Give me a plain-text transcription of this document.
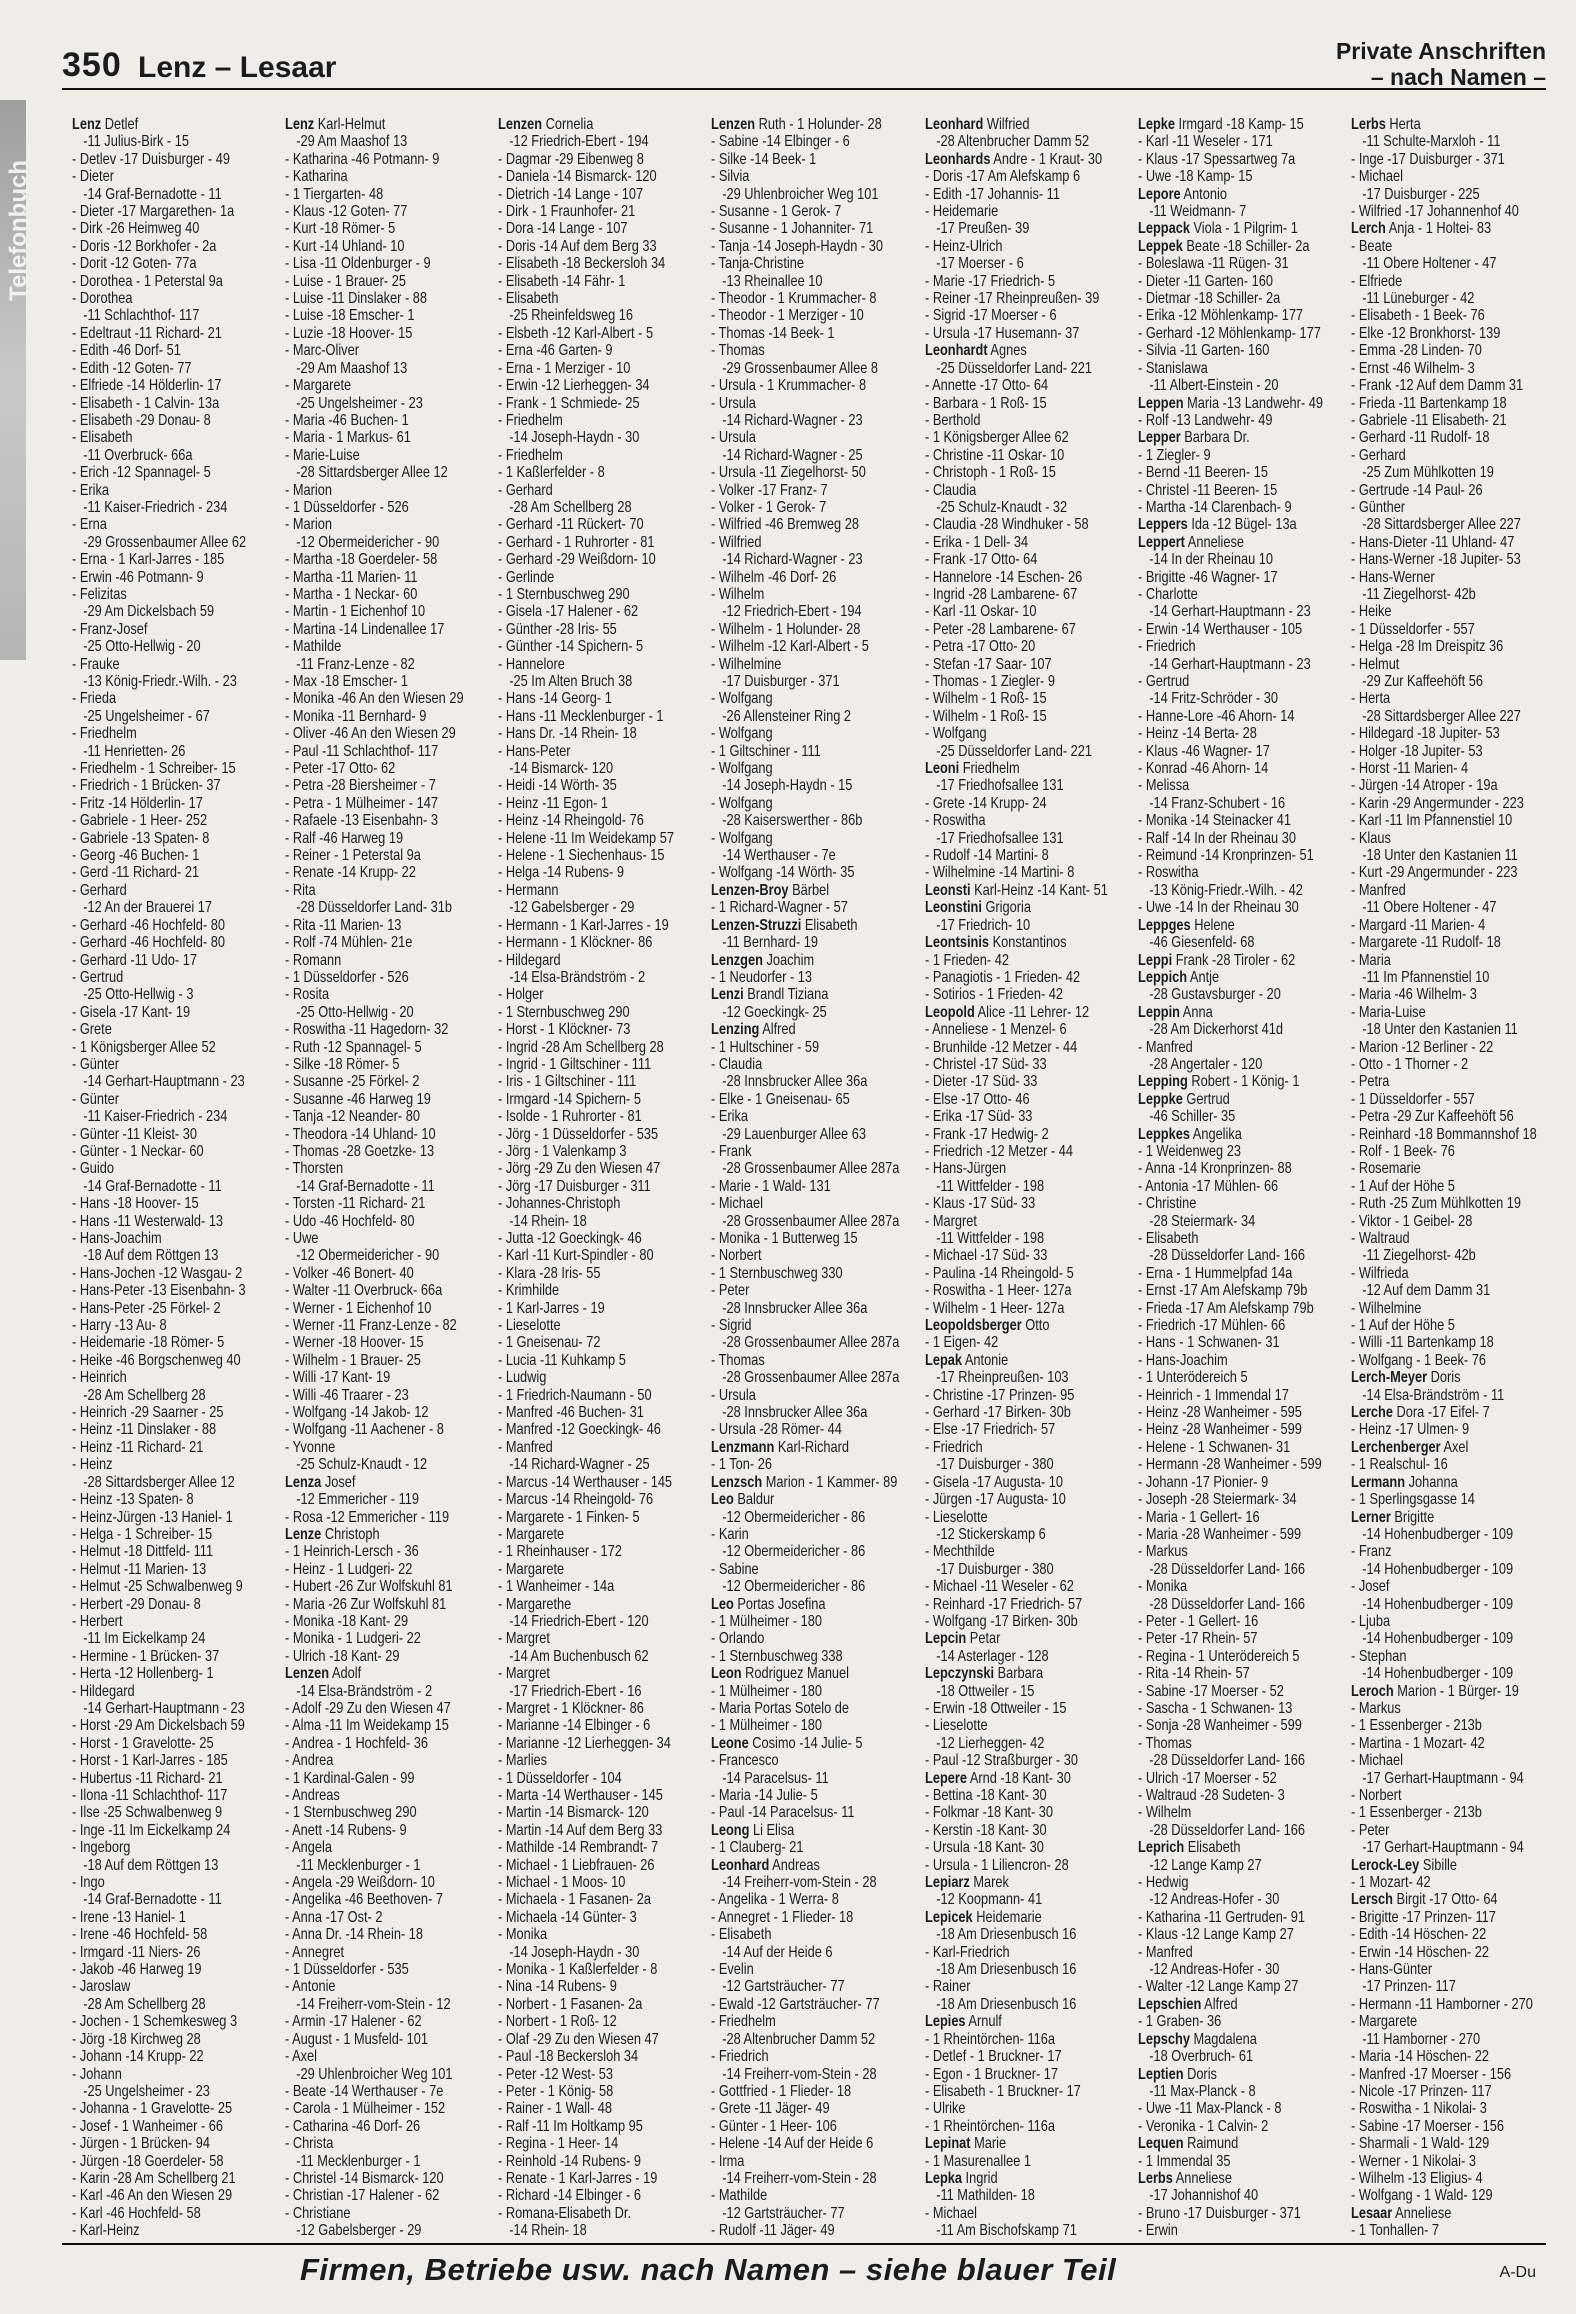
Telefonbuch
350 Lenz – Lesaar	Private Anschriften
– nach Namen –
Lenz Detlef
-11 Julius-Birk - 15
- Detlev -17 Duisburger - 49
- Dieter
-14 Graf-Bernadotte - 11
- Dieter -17 Margarethen- 1a
- Dirk -26 Heimweg 40
- Doris -12 Borkhofer - 2a
- Dorit -12 Goten- 77a
- Dorothea - 1 Peterstal 9a
- Dorothea
-11 Schlachthof- 117
- Edeltraut -11 Richard- 21
- Edith -46 Dorf- 51
- Edith -12 Goten- 77
- Elfriede -14 Hölderlin- 17
- Elisabeth - 1 Calvin- 13a
- Elisabeth -29 Donau- 8
- Elisabeth
-11 Overbruck- 66a
- Erich -12 Spannagel- 5
- Erika
-11 Kaiser-Friedrich - 234
- Erna
-29 Grossenbaumer Allee 62
- Erna - 1 Karl-Jarres - 185
- Erwin -46 Potmann- 9
- Felizitas
-29 Am Dickelsbach 59
- Franz-Josef
-25 Otto-Hellwig - 20
- Frauke
-13 König-Friedr.-Wilh. - 23
- Frieda
-25 Ungelsheimer - 67
- Friedhelm
-11 Henrietten- 26
- Friedhelm - 1 Schreiber- 15
- Friedrich - 1 Brücken- 37
- Fritz -14 Hölderlin- 17
- Gabriele - 1 Heer- 252
- Gabriele -13 Spaten- 8
- Georg -46 Buchen- 1
- Gerd -11 Richard- 21
- Gerhard
-12 An der Brauerei 17
- Gerhard -46 Hochfeld- 80
- Gerhard -46 Hochfeld- 80
- Gerhard -11 Udo- 17
- Gertrud
-25 Otto-Hellwig - 3
- Gisela -17 Kant- 19
- Grete
- 1 Königsberger Allee 52
- Günter
-14 Gerhart-Hauptmann - 23
- Günter
-11 Kaiser-Friedrich - 234
- Günter -11 Kleist- 30
- Günter - 1 Neckar- 60
- Guido
-14 Graf-Bernadotte - 11
- Hans -18 Hoover- 15
- Hans -11 Westerwald- 13
- Hans-Joachim
-18 Auf dem Röttgen 13
- Hans-Jochen -12 Wasgau- 2
- Hans-Peter -13 Eisenbahn- 3
- Hans-Peter -25 Förkel- 2
- Harry -13 Au- 8
- Heidemarie -18 Römer- 5
- Heike -46 Borgschenweg 40
- Heinrich
-28 Am Schellberg 28
- Heinrich -29 Saarner - 25
- Heinz -11 Dinslaker - 88
- Heinz -11 Richard- 21
- Heinz
-28 Sittardsberger Allee 12
- Heinz -13 Spaten- 8
- Heinz-Jürgen -13 Haniel- 1
- Helga - 1 Schreiber- 15
- Helmut -18 Dittfeld- 111
- Helmut -11 Marien- 13
- Helmut -25 Schwalbenweg 9
- Herbert -29 Donau- 8
- Herbert
-11 Im Eickelkamp 24
- Hermine - 1 Brücken- 37
- Herta -12 Hollenberg- 1
- Hildegard
-14 Gerhart-Hauptmann - 23
- Horst -29 Am Dickelsbach 59
- Horst - 1 Gravelotte- 25
- Horst - 1 Karl-Jarres - 185
- Hubertus -11 Richard- 21
- Ilona -11 Schlachthof- 117
- Ilse -25 Schwalbenweg 9
- Inge -11 Im Eickelkamp 24
- Ingeborg
-18 Auf dem Röttgen 13
- Ingo
-14 Graf-Bernadotte - 11
- Irene -13 Haniel- 1
- Irene -46 Hochfeld- 58
- Irmgard -11 Niers- 26
- Jakob -46 Harweg 19
- Jaroslaw
-28 Am Schellberg 28
- Jochen - 1 Schemkesweg 3
- Jörg -18 Kirchweg 28
- Johann -14 Krupp- 22
- Johann
-25 Ungelsheimer - 23
- Johanna - 1 Gravelotte- 25
- Josef - 1 Wanheimer - 66
- Jürgen - 1 Brücken- 94
- Jürgen -18 Goerdeler- 58
- Karin -28 Am Schellberg 21
- Karl -46 An den Wiesen 29
- Karl -46 Hochfeld- 58
- Karl-Heinz
Lenz Karl-Helmut
-29 Am Maashof 13
- Katharina -46 Potmann- 9
- Katharina
- 1 Tiergarten- 48
- Klaus -12 Goten- 77
- Kurt -18 Römer- 5
- Kurt -14 Uhland- 10
- Lisa -11 Oldenburger - 9
- Luise - 1 Brauer- 25
- Luise -11 Dinslaker - 88
- Luise -18 Emscher- 1
- Luzie -18 Hoover- 15
- Marc-Oliver
-29 Am Maashof 13
- Margarete
-25 Ungelsheimer - 23
- Maria -46 Buchen- 1
- Maria - 1 Markus- 61
- Marie-Luise
-28 Sittardsberger Allee 12
- Marion
- 1 Düsseldorfer - 526
- Marion
-12 Obermeidericher - 90
- Martha -18 Goerdeler- 58
- Martha -11 Marien- 11
- Martha - 1 Neckar- 60
- Martin - 1 Eichenhof 10
- Martina -14 Lindenallee 17
- Mathilde
-11 Franz-Lenze - 82
- Max -18 Emscher- 1
- Monika -46 An den Wiesen 29
- Monika -11 Bernhard- 9
- Oliver -46 An den Wiesen 29
- Paul -11 Schlachthof- 117
- Peter -17 Otto- 62
- Petra -28 Biersheimer - 7
- Petra - 1 Mülheimer - 147
- Rafaele -13 Eisenbahn- 3
- Ralf -46 Harweg 19
- Reiner - 1 Peterstal 9a
- Renate -14 Krupp- 22
- Rita
-28 Düsseldorfer Land- 31b
- Rita -11 Marien- 13
- Rolf -74 Mühlen- 21e
- Romann
- 1 Düsseldorfer - 526
- Rosita
-25 Otto-Hellwig - 20
- Roswitha -11 Hagedorn- 32
- Ruth -12 Spannagel- 5
- Silke -18 Römer- 5
- Susanne -25 Förkel- 2
- Susanne -46 Harweg 19
- Tanja -12 Neander- 80
- Theodora -14 Uhland- 10
- Thomas -28 Goetzke- 13
- Thorsten
-14 Graf-Bernadotte - 11
- Torsten -11 Richard- 21
- Udo -46 Hochfeld- 80
- Uwe
-12 Obermeidericher - 90
- Volker -46 Bonert- 40
- Walter -11 Overbruck- 66a
- Werner - 1 Eichenhof 10
- Werner -11 Franz-Lenze - 82
- Werner -18 Hoover- 15
- Wilhelm - 1 Brauer- 25
- Willi -17 Kant- 19
- Willi -46 Traarer - 23
- Wolfgang -14 Jakob- 12
- Wolfgang -11 Aachener - 8
- Yvonne
-25 Schulz-Knaudt - 12
Lenza Josef
-12 Emmericher - 119
- Rosa -12 Emmericher - 119
Lenze Christoph
- 1 Heinrich-Lersch - 36
- Heinz - 1 Ludgeri- 22
- Hubert -26 Zur Wolfskuhl 81
- Maria -26 Zur Wolfskuhl 81
- Monika -18 Kant- 29
- Monika - 1 Ludgeri- 22
- Ulrich -18 Kant- 29
Lenzen Adolf
-14 Elsa-Brändström - 2
- Adolf -29 Zu den Wiesen 47
- Alma -11 Im Weidekamp 15
- Andrea - 1 Hochfeld- 36
- Andrea
- 1 Kardinal-Galen - 99
- Andreas
- 1 Sternbuschweg 290
- Anett -14 Rubens- 9
- Angela
-11 Mecklenburger - 1
- Angela -29 Weißdorn- 10
- Angelika -46 Beethoven- 7
- Anna -17 Ost- 2
- Anna Dr. -14 Rhein- 18
- Annegret
- 1 Düsseldorfer - 535
- Antonie
-14 Freiherr-vom-Stein - 12
- Armin -17 Halener - 62
- August - 1 Musfeld- 101
- Axel
-29 Uhlenbroicher Weg 101
- Beate -14 Werthauser - 7e
- Carola - 1 Mülheimer - 152
- Catharina -46 Dorf- 26
- Christa
-11 Mecklenburger - 1
- Christel -14 Bismarck- 120
- Christian -17 Halener - 62
- Christiane
-12 Gabelsberger - 29
Lenzen Cornelia
-12 Friedrich-Ebert - 194
- Dagmar -29 Eibenweg 8
- Daniela -14 Bismarck- 120
- Dietrich -14 Lange - 107
- Dirk - 1 Fraunhofer- 21
- Dora -14 Lange - 107
- Doris -14 Auf dem Berg 33
- Elisabeth -18 Beckersloh 34
- Elisabeth -14 Fähr- 1
- Elisabeth
-25 Rheinfeldsweg 16
- Elsbeth -12 Karl-Albert - 5
- Erna -46 Garten- 9
- Erna - 1 Merziger - 10
- Erwin -12 Lierheggen- 34
- Frank - 1 Schmiede- 25
- Friedhelm
-14 Joseph-Haydn - 30
- Friedhelm
- 1 Kaßlerfelder - 8
- Gerhard
-28 Am Schellberg 28
- Gerhard -11 Rückert- 70
- Gerhard - 1 Ruhrorter - 81
- Gerhard -29 Weißdorn- 10
- Gerlinde
- 1 Sternbuschweg 290
- Gisela -17 Halener - 62
- Günther -28 Iris- 55
- Günther -14 Spichern- 5
- Hannelore
-25 Im Alten Bruch 38
- Hans -14 Georg- 1
- Hans -11 Mecklenburger - 1
- Hans Dr. -14 Rhein- 18
- Hans-Peter
-14 Bismarck- 120
- Heidi -14 Wörth- 35
- Heinz -11 Egon- 1
- Heinz -14 Rheingold- 76
- Helene -11 Im Weidekamp 57
- Helene - 1 Siechenhaus- 15
- Helga -14 Rubens- 9
- Hermann
-12 Gabelsberger - 29
- Hermann - 1 Karl-Jarres - 19
- Hermann - 1 Klöckner- 86
- Hildegard
-14 Elsa-Brändström - 2
- Holger
- 1 Sternbuschweg 290
- Horst - 1 Klöckner- 73
- Ingrid -28 Am Schellberg 28
- Ingrid - 1 Giltschiner - 111
- Iris - 1 Giltschiner - 111
- Irmgard -14 Spichern- 5
- Isolde - 1 Ruhrorter - 81
- Jörg - 1 Düsseldorfer - 535
- Jörg - 1 Valenkamp 3
- Jörg -29 Zu den Wiesen 47
- Jörg -17 Duisburger - 311
- Johannes-Christoph
-14 Rhein- 18
- Jutta -12 Goeckingk- 46
- Karl -11 Kurt-Spindler - 80
- Klara -28 Iris- 55
- Krimhilde
- 1 Karl-Jarres - 19
- Lieselotte
- 1 Gneisenau- 72
- Lucia -11 Kuhkamp 5
- Ludwig
- 1 Friedrich-Naumann - 50
- Manfred -46 Buchen- 31
- Manfred -12 Goeckingk- 46
- Manfred
-14 Richard-Wagner - 25
- Marcus -14 Werthauser - 145
- Marcus -14 Rheingold- 76
- Margarete - 1 Finken- 5
- Margarete
- 1 Rheinhauser - 172
- Margarete
- 1 Wanheimer - 14a
- Margarethe
-14 Friedrich-Ebert - 120
- Margret
-14 Am Buchenbusch 62
- Margret
-17 Friedrich-Ebert - 16
- Margret - 1 Klöckner- 86
- Marianne -14 Elbinger - 6
- Marianne -12 Lierheggen- 34
- Marlies
- 1 Düsseldorfer - 104
- Marta -14 Werthauser - 145
- Martin -14 Bismarck- 120
- Martin -14 Auf dem Berg 33
- Mathilde -14 Rembrandt- 7
- Michael - 1 Liebfrauen- 26
- Michael - 1 Moos- 10
- Michaela - 1 Fasanen- 2a
- Michaela -14 Günter- 3
- Monika
-14 Joseph-Haydn - 30
- Monika - 1 Kaßlerfelder - 8
- Nina -14 Rubens- 9
- Norbert - 1 Fasanen- 2a
- Norbert - 1 Roß- 12
- Olaf -29 Zu den Wiesen 47
- Paul -18 Beckersloh 34
- Peter -12 West- 53
- Peter - 1 König- 58
- Rainer - 1 Wall- 48
- Ralf -11 Im Holtkamp 95
- Regina - 1 Heer- 14
- Reinhold -14 Rubens- 9
- Renate - 1 Karl-Jarres - 19
- Richard -14 Elbinger - 6
- Romana-Elisabeth Dr.
-14 Rhein- 18
Lenzen Ruth - 1 Holunder- 28
- Sabine -14 Elbinger - 6
- Silke -14 Beek- 1
- Silvia
-29 Uhlenbroicher Weg 101
- Susanne - 1 Gerok- 7
- Susanne - 1 Johanniter- 71
- Tanja -14 Joseph-Haydn - 30
- Tanja-Christine
-13 Rheinallee 10
- Theodor - 1 Krummacher- 8
- Theodor - 1 Merziger - 10
- Thomas -14 Beek- 1
- Thomas
-29 Grossenbaumer Allee 8
- Ursula - 1 Krummacher- 8
- Ursula
-14 Richard-Wagner - 23
- Ursula
-14 Richard-Wagner - 25
- Ursula -11 Ziegelhorst- 50
- Volker -17 Franz- 7
- Volker - 1 Gerok- 7
- Wilfried -46 Bremweg 28
- Wilfried
-14 Richard-Wagner - 23
- Wilhelm -46 Dorf- 26
- Wilhelm
-12 Friedrich-Ebert - 194
- Wilhelm - 1 Holunder- 28
- Wilhelm -12 Karl-Albert - 5
- Wilhelmine
-17 Duisburger - 371
- Wolfgang
-26 Allensteiner Ring 2
- Wolfgang
- 1 Giltschiner - 111
- Wolfgang
-14 Joseph-Haydn - 15
- Wolfgang
-28 Kaiserswerther - 86b
- Wolfgang
-14 Werthauser - 7e
- Wolfgang -14 Wörth- 35
Lenzen-Broy Bärbel
- 1 Richard-Wagner - 57
Lenzen-Struzzi Elisabeth
-11 Bernhard- 19
Lenzgen Joachim
- 1 Neudorfer - 13
Lenzi Brandl Tiziana
-12 Goeckingk- 25
Lenzing Alfred
- 1 Hultschiner - 59
- Claudia
-28 Innsbrucker Allee 36a
- Elke - 1 Gneisenau- 65
- Erika
-29 Lauenburger Allee 63
- Frank
-28 Grossenbaumer Allee 287a
- Marie - 1 Wald- 131
- Michael
-28 Grossenbaumer Allee 287a
- Monika - 1 Butterweg 15
- Norbert
- 1 Sternbuschweg 330
- Peter
-28 Innsbrucker Allee 36a
- Sigrid
-28 Grossenbaumer Allee 287a
- Thomas
-28 Grossenbaumer Allee 287a
- Ursula
-28 Innsbrucker Allee 36a
- Ursula -28 Römer- 44
Lenzmann Karl-Richard
- 1 Ton- 26
Lenzsch Marion - 1 Kammer- 89
Leo Baldur
-12 Obermeidericher - 86
- Karin
-12 Obermeidericher - 86
- Sabine
-12 Obermeidericher - 86
Leo Portas Josefina
- 1 Mülheimer - 180
- Orlando
- 1 Sternbuschweg 338
Leon Rodriguez Manuel
- 1 Mülheimer - 180
- Maria Portas Sotelo de
- 1 Mülheimer - 180
Leone Cosimo -14 Julie- 5
- Francesco
-14 Paracelsus- 11
- Maria -14 Julie- 5
- Paul -14 Paracelsus- 11
Leong Li Elisa
- 1 Clauberg- 21
Leonhard Andreas
-14 Freiherr-vom-Stein - 28
- Angelika - 1 Werra- 8
- Annegret - 1 Flieder- 18
- Elisabeth
-14 Auf der Heide 6
- Evelin
-12 Gartsträucher- 77
- Ewald -12 Gartsträucher- 77
- Friedhelm
-28 Altenbrucher Damm 52
- Friedrich
-14 Freiherr-vom-Stein - 28
- Gottfried - 1 Flieder- 18
- Grete -11 Jäger- 49
- Günter - 1 Heer- 106
- Helene -14 Auf der Heide 6
- Irma
-14 Freiherr-vom-Stein - 28
- Mathilde
-12 Gartsträucher- 77
- Rudolf -11 Jäger- 49
Leonhard Wilfried
-28 Altenbrucher Damm 52
Leonhards Andre - 1 Kraut- 30
- Doris -17 Am Alefskamp 6
- Edith -17 Johannis- 11
- Heidemarie
-17 Preußen- 39
- Heinz-Ulrich
-17 Moerser - 6
- Marie -17 Friedrich- 5
- Reiner -17 Rheinpreußen- 39
- Sigrid -17 Moerser - 6
- Ursula -17 Husemann- 37
Leonhardt Agnes
-25 Düsseldorfer Land- 221
- Annette -17 Otto- 64
- Barbara - 1 Roß- 15
- Berthold
- 1 Königsberger Allee 62
- Christine -11 Oskar- 10
- Christoph - 1 Roß- 15
- Claudia
-25 Schulz-Knaudt - 32
- Claudia -28 Windhuker - 58
- Erika - 1 Dell- 34
- Frank -17 Otto- 64
- Hannelore -14 Eschen- 26
- Ingrid -28 Lambarene- 67
- Karl -11 Oskar- 10
- Peter -28 Lambarene- 67
- Petra -17 Otto- 20
- Stefan -17 Saar- 107
- Thomas - 1 Ziegler- 9
- Wilhelm - 1 Roß- 15
- Wilhelm - 1 Roß- 15
- Wolfgang
-25 Düsseldorfer Land- 221
Leoni Friedhelm
-17 Friedhofsallee 131
- Grete -14 Krupp- 24
- Roswitha
-17 Friedhofsallee 131
- Rudolf -14 Martini- 8
- Wilhelmine -14 Martini- 8
Leonsti Karl-Heinz -14 Kant- 51
Leonstini Grigoria
-17 Friedrich- 10
Leontsinis Konstantinos
- 1 Frieden- 42
- Panagiotis - 1 Frieden- 42
- Sotirios - 1 Frieden- 42
Leopold Alice -11 Lehrer- 12
- Anneliese - 1 Menzel- 6
- Brunhilde -12 Metzer - 44
- Christel -17 Süd- 33
- Dieter -17 Süd- 33
- Else -17 Otto- 46
- Erika -17 Süd- 33
- Frank -17 Hedwig- 2
- Friedrich -12 Metzer - 44
- Hans-Jürgen
-11 Wittfelder - 198
- Klaus -17 Süd- 33
- Margret
-11 Wittfelder - 198
- Michael -17 Süd- 33
- Paulina -14 Rheingold- 5
- Roswitha - 1 Heer- 127a
- Wilhelm - 1 Heer- 127a
Leopoldsberger Otto
- 1 Eigen- 42
Lepak Antonie
-17 Rheinpreußen- 103
- Christine -17 Prinzen- 95
- Gerhard -17 Birken- 30b
- Else -17 Friedrich- 57
- Friedrich
-17 Duisburger - 380
- Gisela -17 Augusta- 10
- Jürgen -17 Augusta- 10
- Lieselotte
-12 Stickerskamp 6
- Mechthilde
-17 Duisburger - 380
- Michael -11 Weseler - 62
- Reinhard -17 Friedrich- 57
- Wolfgang -17 Birken- 30b
Lepcin Petar
-14 Asterlager - 128
Lepczynski Barbara
-18 Ottweiler - 15
- Erwin -18 Ottweiler - 15
- Lieselotte
-12 Lierheggen- 42
- Paul -12 Straßburger - 30
Lepere Arnd -18 Kant- 30
- Bettina -18 Kant- 30
- Folkmar -18 Kant- 30
- Kerstin -18 Kant- 30
- Ursula -18 Kant- 30
- Ursula - 1 Liliencron- 28
Lepiarz Marek
-12 Koopmann- 41
Lepicek Heidemarie
-18 Am Driesenbusch 16
- Karl-Friedrich
-18 Am Driesenbusch 16
- Rainer
-18 Am Driesenbusch 16
Lepies Arnulf
- 1 Rheintörchen- 116a
- Detlef - 1 Bruckner- 17
- Egon - 1 Bruckner- 17
- Elisabeth - 1 Bruckner- 17
- Ulrike
- 1 Rheintörchen- 116a
Lepinat Marie
- 1 Masurenallee 1
Lepka Ingrid
-11 Mathilden- 18
- Michael
-11 Am Bischofskamp 71
Lepke Irmgard -18 Kamp- 15
- Karl -11 Weseler - 171
- Klaus -17 Spessartweg 7a
- Uwe -18 Kamp- 15
Lepore Antonio
-11 Weidmann- 7
Leppack Viola - 1 Pilgrim- 1
Leppek Beate -18 Schiller- 2a
- Boleslawa -11 Rügen- 31
- Dieter -11 Garten- 160
- Dietmar -18 Schiller- 2a
- Erika -12 Möhlenkamp- 177
- Gerhard -12 Möhlenkamp- 177
- Silvia -11 Garten- 160
- Stanislawa
-11 Albert-Einstein - 20
Leppen Maria -13 Landwehr- 49
- Rolf -13 Landwehr- 49
Lepper Barbara Dr.
- 1 Ziegler- 9
- Bernd -11 Beeren- 15
- Christel -11 Beeren- 15
- Martha -14 Clarenbach- 9
Leppers Ida -12 Bügel- 13a
Leppert Anneliese
-14 In der Rheinau 10
- Brigitte -46 Wagner- 17
- Charlotte
-14 Gerhart-Hauptmann - 23
- Erwin -14 Werthauser - 105
- Friedrich
-14 Gerhart-Hauptmann - 23
- Gertrud
-14 Fritz-Schröder - 30
- Hanne-Lore -46 Ahorn- 14
- Heinz -14 Berta- 28
- Klaus -46 Wagner- 17
- Konrad -46 Ahorn- 14
- Melissa
-14 Franz-Schubert - 16
- Monika -14 Steinacker 41
- Ralf -14 In der Rheinau 30
- Reimund -14 Kronprinzen- 51
- Roswitha
-13 König-Friedr.-Wilh. - 42
- Uwe -14 In der Rheinau 30
Leppges Helene
-46 Giesenfeld- 68
Leppi Frank -28 Tiroler - 62
Leppich Antje
-28 Gustavsburger - 20
Leppin Anna
-28 Am Dickerhorst 41d
- Manfred
-28 Angertaler - 120
Lepping Robert - 1 König- 1
Leppke Gertrud
-46 Schiller- 35
Leppkes Angelika
- 1 Weidenweg 23
- Anna -14 Kronprinzen- 88
- Antonia -17 Mühlen- 66
- Christine
-28 Steiermark- 34
- Elisabeth
-28 Düsseldorfer Land- 166
- Erna - 1 Hummelpfad 14a
- Ernst -17 Am Alefskamp 79b
- Frieda -17 Am Alefskamp 79b
- Friedrich -17 Mühlen- 66
- Hans - 1 Schwanen- 31
- Hans-Joachim
- 1 Unterödereich 5
- Heinrich - 1 Immendal 17
- Heinz -28 Wanheimer - 595
- Heinz -28 Wanheimer - 599
- Helene - 1 Schwanen- 31
- Hermann -28 Wanheimer - 599
- Johann -17 Pionier- 9
- Joseph -28 Steiermark- 34
- Maria - 1 Gellert- 16
- Maria -28 Wanheimer - 599
- Markus
-28 Düsseldorfer Land- 166
- Monika
-28 Düsseldorfer Land- 166
- Peter - 1 Gellert- 16
- Peter -17 Rhein- 57
- Regina - 1 Unterödereich 5
- Rita -14 Rhein- 57
- Sabine -17 Moerser - 52
- Sascha - 1 Schwanen- 13
- Sonja -28 Wanheimer - 599
- Thomas
-28 Düsseldorfer Land- 166
- Ulrich -17 Moerser - 52
- Waltraud -28 Sudeten- 3
- Wilhelm
-28 Düsseldorfer Land- 166
Leprich Elisabeth
-12 Lange Kamp 27
- Hedwig
-12 Andreas-Hofer - 30
- Katharina -11 Gertruden- 91
- Klaus -12 Lange Kamp 27
- Manfred
-12 Andreas-Hofer - 30
- Walter -12 Lange Kamp 27
Lepschien Alfred
- 1 Graben- 36
Lepschy Magdalena
-18 Overbruch- 61
Leptien Doris
-11 Max-Planck - 8
- Uwe -11 Max-Planck - 8
- Veronika - 1 Calvin- 2
Lequen Raimund
- 1 Immendal 35
Lerbs Anneliese
-17 Johannishof 40
- Bruno -17 Duisburger - 371
- Erwin
Lerbs Herta
-11 Schulte-Marxloh - 11
- Inge -17 Duisburger - 371
- Michael
-17 Duisburger - 225
- Wilfried -17 Johannenhof 40
Lerch Anja - 1 Holtei- 83
- Beate
-11 Obere Holtener - 47
- Elfriede
-11 Lüneburger - 42
- Elisabeth - 1 Beek- 76
- Elke -12 Bronkhorst- 139
- Emma -28 Linden- 70
- Ernst -46 Wilhelm- 3
- Frank -12 Auf dem Damm 31
- Frieda -11 Bartenkamp 18
- Gabriele -11 Elisabeth- 21
- Gerhard -11 Rudolf- 18
- Gerhard
-25 Zum Mühlkotten 19
- Gertrude -14 Paul- 26
- Günther
-28 Sittardsberger Allee 227
- Hans-Dieter -11 Uhland- 47
- Hans-Werner -18 Jupiter- 53
- Hans-Werner
-11 Ziegelhorst- 42b
- Heike
- 1 Düsseldorfer - 557
- Helga -28 Im Dreispitz 36
- Helmut
-29 Zur Kaffeehöft 56
- Herta
-28 Sittardsberger Allee 227
- Hildegard -18 Jupiter- 53
- Holger -18 Jupiter- 53
- Horst -11 Marien- 4
- Jürgen -14 Atroper - 19a
- Karin -29 Angermunder - 223
- Karl -11 Im Pfannenstiel 10
- Klaus
-18 Unter den Kastanien 11
- Kurt -29 Angermunder - 223
- Manfred
-11 Obere Holtener - 47
- Margard -11 Marien- 4
- Margarete -11 Rudolf- 18
- Maria
-11 Im Pfannenstiel 10
- Maria -46 Wilhelm- 3
- Maria-Luise
-18 Unter den Kastanien 11
- Marion -12 Berliner - 22
- Otto - 1 Thorner - 2
- Petra
- 1 Düsseldorfer - 557
- Petra -29 Zur Kaffeehöft 56
- Reinhard -18 Bommannshof 18
- Rolf - 1 Beek- 76
- Rosemarie
- 1 Auf der Höhe 5
- Ruth -25 Zum Mühlkotten 19
- Viktor - 1 Geibel- 28
- Waltraud
-11 Ziegelhorst- 42b
- Wilfrieda
-12 Auf dem Damm 31
- Wilhelmine
- 1 Auf der Höhe 5
- Willi -11 Bartenkamp 18
- Wolfgang - 1 Beek- 76
Lerch-Meyer Doris
-14 Elsa-Brändström - 11
Lerche Dora -17 Eifel- 7
- Heinz -17 Ulmen- 9
Lerchenberger Axel
- 1 Realschul- 16
Lermann Johanna
- 1 Sperlingsgasse 14
Lerner Brigitte
-14 Hohenbudberger - 109
- Franz
-14 Hohenbudberger - 109
- Josef
-14 Hohenbudberger - 109
- Ljuba
-14 Hohenbudberger - 109
- Stephan
-14 Hohenbudberger - 109
Leroch Marion - 1 Bürger- 19
- Markus
- 1 Essenberger - 213b
- Martina - 1 Mozart- 42
- Michael
-17 Gerhart-Hauptmann - 94
- Norbert
- 1 Essenberger - 213b
- Peter
-17 Gerhart-Hauptmann - 94
Lerock-Ley Sibille
- 1 Mozart- 42
Lersch Birgit -17 Otto- 64
- Brigitte -17 Prinzen- 117
- Edith -14 Höschen- 22
- Erwin -14 Höschen- 22
- Hans-Günter
-17 Prinzen- 117
- Hermann -11 Hamborner - 270
- Margarete
-11 Hamborner - 270
- Maria -14 Höschen- 22
- Manfred -17 Moerser - 156
- Nicole -17 Prinzen- 117
- Roswitha - 1 Nikolai- 3
- Sabine -17 Moerser - 156
- Sharmali - 1 Wald- 129
- Werner - 1 Nikolai- 3
- Wilhelm -13 Eligius- 4
- Wolfgang - 1 Wald- 129
Lesaar Anneliese
- 1 Tonhallen- 7
Firmen, Betriebe usw. nach Namen – siehe blauer Teil	A-Du
